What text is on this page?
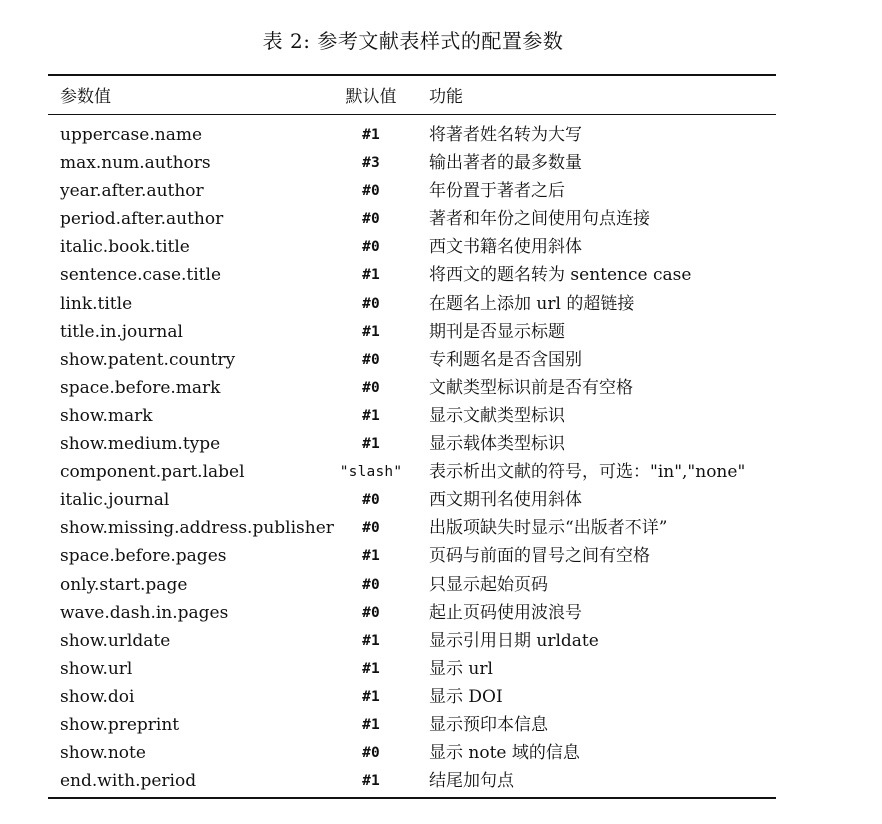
表 2: 参考文献表样式的配置参数
参数值	默认值	功能
uppercase.name	#1	将著者姓名转为大写
max.num.authors	#3	输出著者的最多数量
year.after.author	#0	年份置于著者之后
period.after.author	#0	著者和年份之间使用句点连接
italic.book.title	#0	西文书籍名使用斜体
sentence.case.title	#1	将西文的题名转为 sentence case
link.title	#0	在题名上添加 url 的超链接
title.in.journal	#1	期刊是否显示标题
show.patent.country	#0	专利题名是否含国别
space.before.mark	#0	文献类型标识前是否有空格
show.mark	#1	显示文献类型标识
show.medium.type	#1	显示载体类型标识
component.part.label	"slash"	表示析出文献的符号，可选："in","none"
italic.journal	#0	西文期刊名使用斜体
show.missing.address.publisher	#0	出版项缺失时显示“出版者不详”
space.before.pages	#1	页码与前面的冒号之间有空格
only.start.page	#0	只显示起始页码
wave.dash.in.pages	#0	起止页码使用波浪号
show.urldate	#1	显示引用日期 urldate
show.url	#1	显示 url
show.doi	#1	显示 DOI
show.preprint	#1	显示预印本信息
show.note	#0	显示 note 域的信息
end.with.period	#1	结尾加句点
